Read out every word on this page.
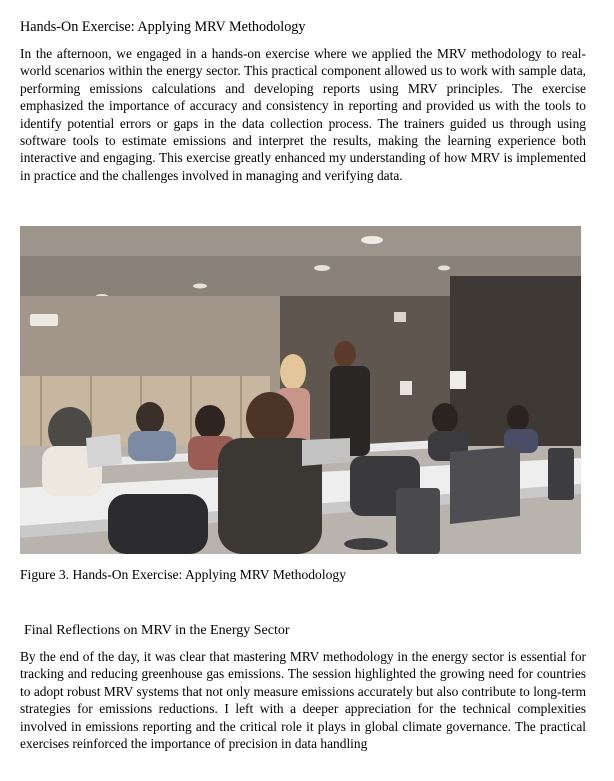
Hands-On Exercise: Applying MRV Methodology
In the afternoon, we engaged in a hands-on exercise where we applied the MRV methodology to real-world scenarios within the energy sector. This practical component allowed us to work with sample data, performing emissions calculations and developing reports using MRV principles. The exercise emphasized the importance of accuracy and consistency in reporting and provided us with the tools to identify potential errors or gaps in the data collection process. The trainers guided us through using software tools to estimate emissions and interpret the results, making the learning experience both interactive and engaging. This exercise greatly enhanced my understanding of how MRV is implemented in practice and the challenges involved in managing and verifying data.
Figure 3. Hands-On Exercise: Applying MRV Methodology
Final Reflections on MRV in the Energy Sector
By the end of the day, it was clear that mastering MRV methodology in the energy sector is essential for tracking and reducing greenhouse gas emissions. The session highlighted the growing need for countries to adopt robust MRV systems that not only measure emissions accurately but also contribute to long-term strategies for emissions reductions. I left with a deeper appreciation for the technical complexities involved in emissions reporting and the critical role it plays in global climate governance. The practical exercises reinforced the importance of precision in data handling
